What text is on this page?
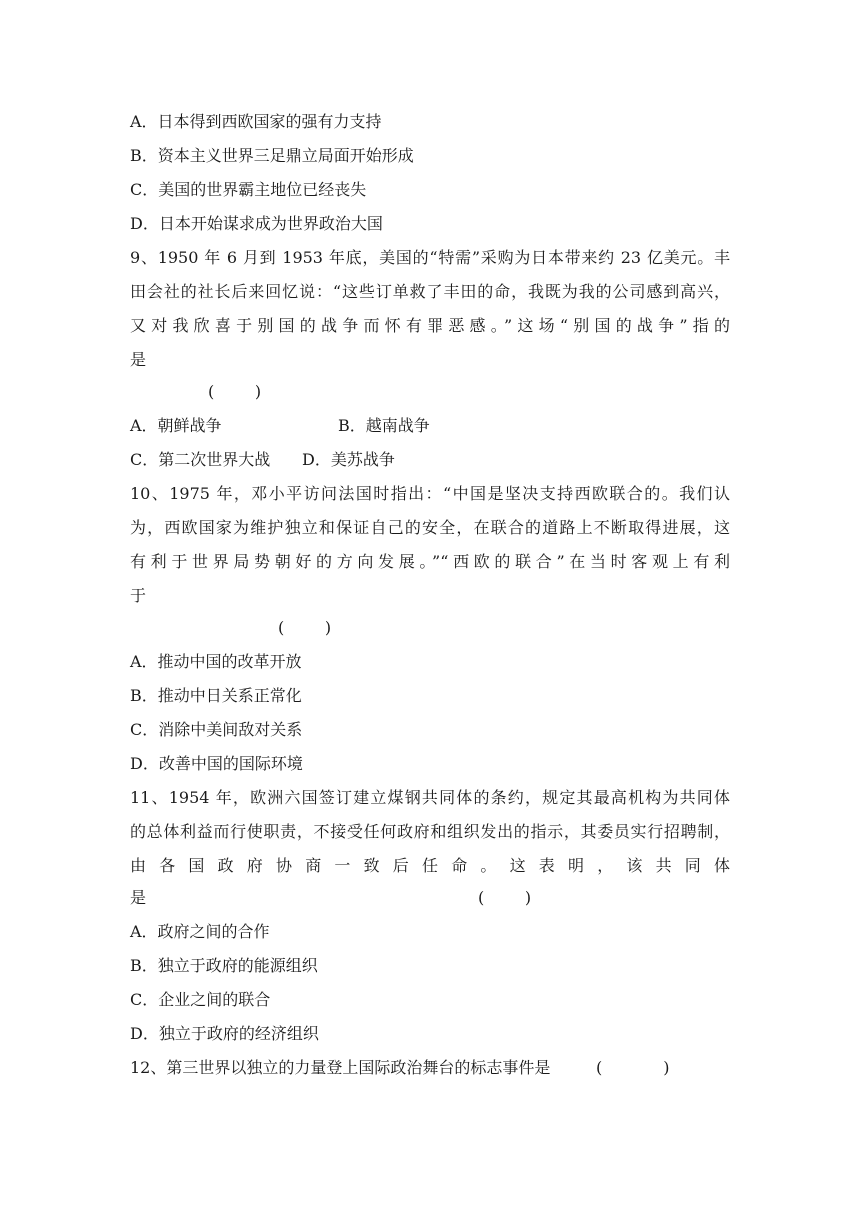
A．日本得到西欧国家的强有力支持
B．资本主义世界三足鼎立局面开始形成
C．美国的世界霸主地位已经丧失
D．日本开始谋求成为世界政治大国
9、1950 年 6 月到 1953 年底，美国的“特需”采购为日本带来约 23 亿美元。丰
田会社的社长后来回忆说：“这些订单救了丰田的命，我既为我的公司感到高兴，
又对我欣喜于别国的战争而怀有罪恶感。”这场“别国的战争”指的
是
(        )
A．朝鲜战争	B．越南战争
C．第二次世界大战 D．美苏战争
10、1975 年，邓小平访问法国时指出：“中国是坚决支持西欧联合的。我们认
为，西欧国家为维护独立和保证自己的安全，在联合的道路上不断取得进展，这
有利于世界局势朝好的方向发展。”“西欧的联合”在当时客观上有利
于
(        )
A．推动中国的改革开放
B．推动中日关系正常化
C．消除中美间敌对关系
D．改善中国的国际环境
11、1954 年，欧洲六国签订建立煤钢共同体的条约，规定其最高机构为共同体
的总体利益而行使职责，不接受任何政府和组织发出的指示，其委员实行招聘制，
由各国政府协商一致后任命。这表明，该共同体
是	(        )
A．政府之间的合作
B．独立于政府的能源组织
C．企业之间的联合
D．独立于政府的经济组织
12、第三世界以独立的力量登上国际政治舞台的标志事件是	(            )
